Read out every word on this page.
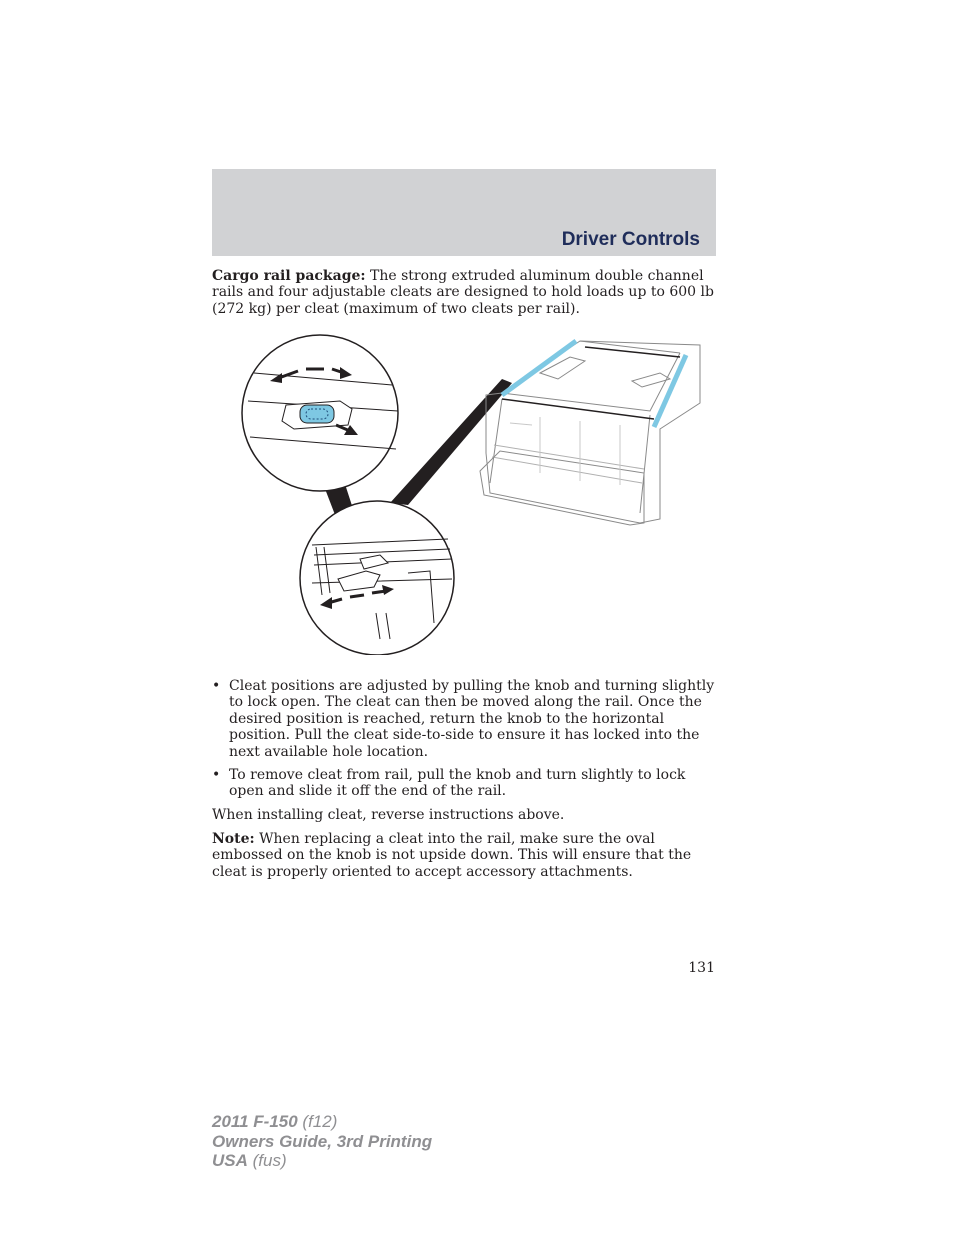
Driver Controls

Cargo rail package: The strong extruded aluminum double channel rails and four adjustable cleats are designed to hold loads up to 600 lb (272 kg) per cleat (maximum of two cleats per rail).

• Cleat positions are adjusted by pulling the knob and turning slightly to lock open. The cleat can then be moved along the rail. Once the desired position is reached, return the knob to the horizontal position. Pull the cleat side-to-side to ensure it has locked into the next available hole location.
• To remove cleat from rail, pull the knob and turn slightly to lock open and slide it off the end of the rail.

When installing cleat, reverse instructions above.

Note: When replacing a cleat into the rail, make sure the oval embossed on the knob is not upside down. This will ensure that the cleat is properly oriented to accept accessory attachments.

131
2011 F-150 (f12)
Owners Guide, 3rd Printing
USA (fus)
